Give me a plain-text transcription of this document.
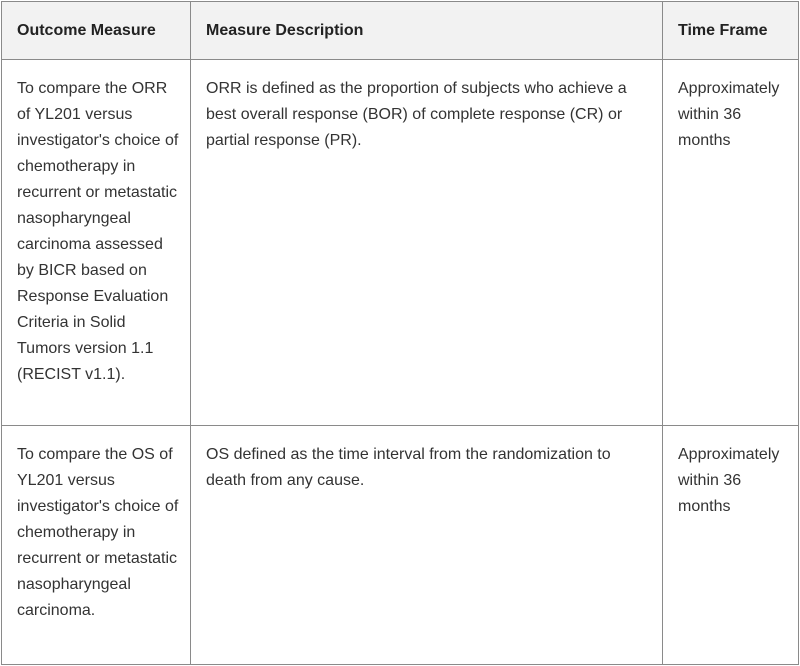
Outcome Measure	Measure Description	Time Frame
To compare the ORR of YL201 versus investigator's choice of chemotherapy in recurrent or metastatic nasopharyngeal carcinoma assessed by BICR based on Response Evaluation Criteria in Solid Tumors version 1.1 (RECIST v1.1).	ORR is defined as the proportion of subjects who achieve a best overall response (BOR) of complete response (CR) or partial response (PR).	Approximately within 36 months
To compare the OS of YL201 versus investigator's choice of chemotherapy in recurrent or metastatic nasopharyngeal carcinoma.	OS defined as the time interval from the randomization to death from any cause.	Approximately within 36 months
